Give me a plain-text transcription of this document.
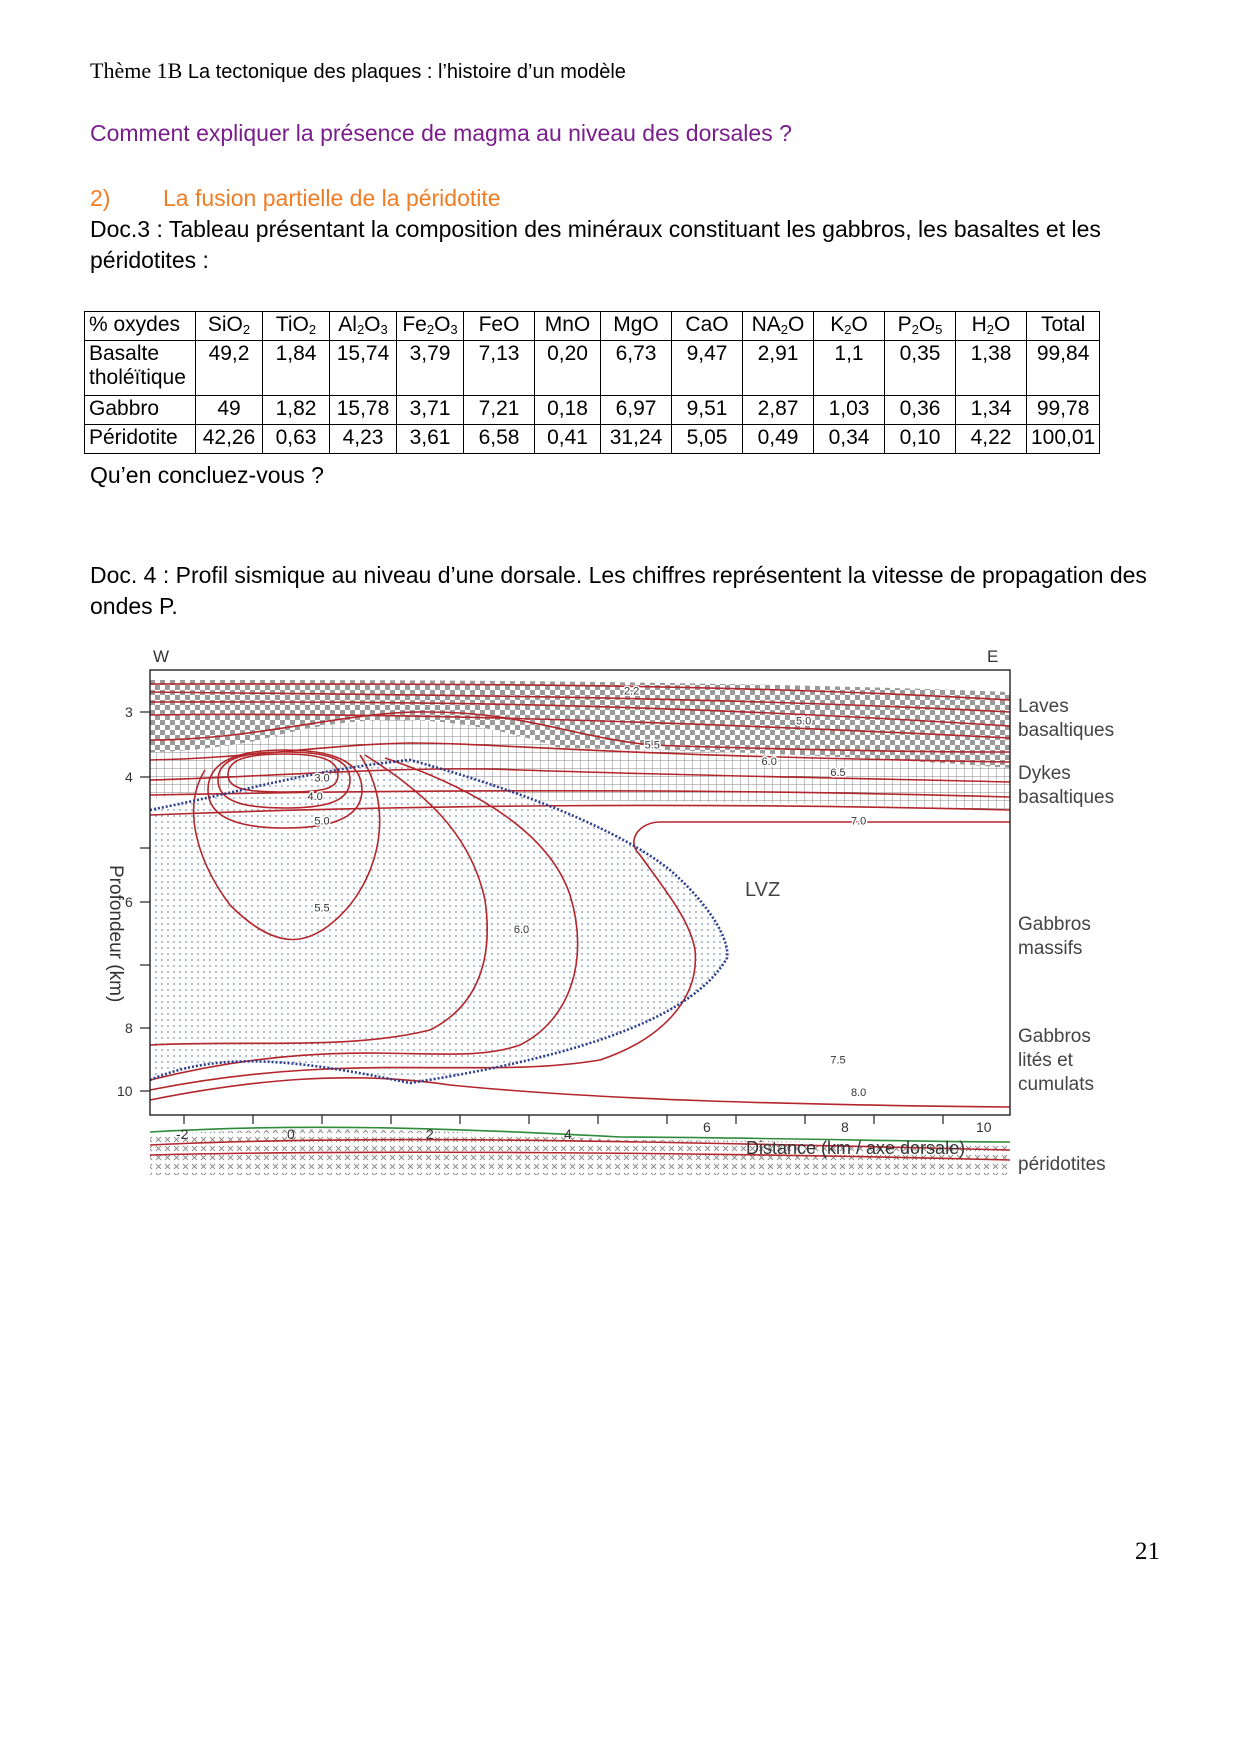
Thème 1B La tectonique des plaques : l’histoire d’un modèle
Comment expliquer la présence de magma au niveau des dorsales ?
2) La fusion partielle de la péridotite
Doc.3 : Tableau présentant la composition des minéraux constituant les gabbros, les basaltes et les péridotites :
% oxydes	SiO$_2$	TiO$_2$	$Al_2O_3$	$Fe_2O_3$	FeO	MnO	MgO	CaO	$NA_2O$	$K_2O$	$P_2O_5$	$H_2O$	Total
Basalte tholéïtique	49,2	1,84	15,74	3,79	7,13	0,20	6,73	9,47	2,91	1,1	0,35	1,38	99,84
Gabbro	49	1,82	15,78	3,71	7,21	0,18	6,97	9,51	2,87	1,03	0,36	1,34	99,78
Péridotite	42,26	0,63	4,23	3,61	6,58	0,41	31,24	5,05	0,49	0,34	0,10	4,22	100,01
Qu’en concluez-vous ?
Doc. 4 : Profil sismique au niveau d’une dorsale. Les chiffres représentent la vitesse de propagation des ondes P.
3
4
6
8
10
-2	0	2	4	6	8	10
Distance (km / axe dorsale)
Profondeur (km)
W	E
LVZ
Laves basaltiques
Dykes basaltiques
Gabbros massifs
Gabbros lités et cumulats
péridotites
2.2
5.0
5.5
6.0
6.5
3.0
4.0
5.0	7.0
5.5
6.0
7.5
8.0
21
